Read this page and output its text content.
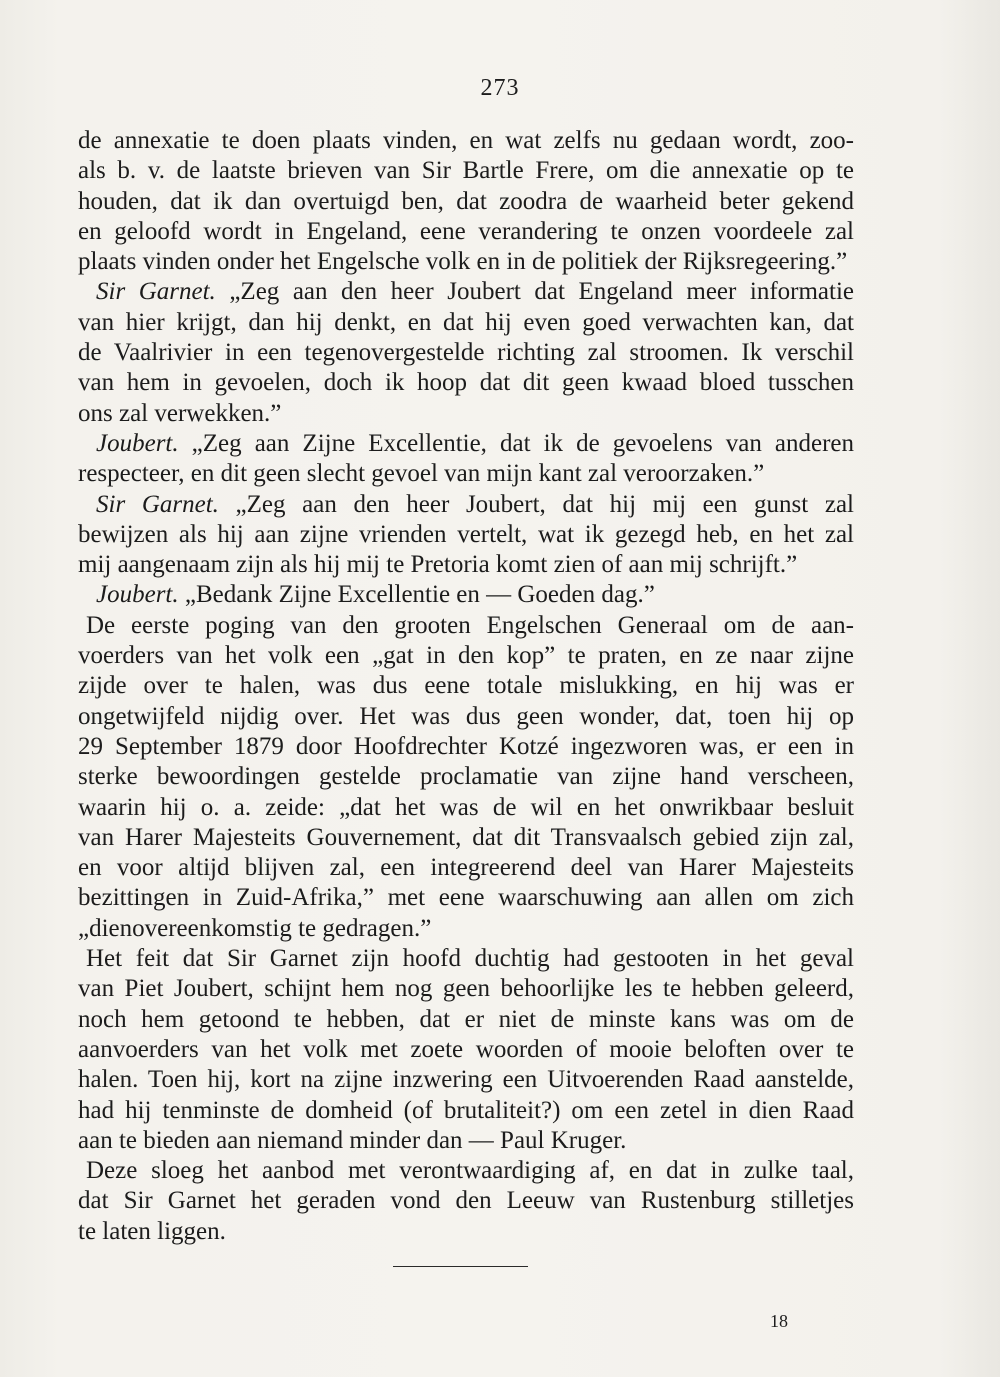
273
de annexatie te doen plaats vinden, en wat zelfs nu gedaan wordt, zoo-
als b. v. de laatste brieven van Sir Bartle Frere, om die annexatie op te
houden, dat ik dan overtuigd ben, dat zoodra de waarheid beter gekend
en geloofd wordt in Engeland, eene verandering te onzen voordeele zal
plaats vinden onder het Engelsche volk en in de politiek der Rijksregeering.”
Sir Garnet. „Zeg aan den heer Joubert dat Engeland meer informatie
van hier krijgt, dan hij denkt, en dat hij even goed verwachten kan, dat
de Vaalrivier in een tegenovergestelde richting zal stroomen. Ik verschil
van hem in gevoelen, doch ik hoop dat dit geen kwaad bloed tusschen
ons zal verwekken.”
Joubert. „Zeg aan Zijne Excellentie, dat ik de gevoelens van anderen
respecteer, en dit geen slecht gevoel van mijn kant zal veroorzaken.”
Sir Garnet. „Zeg aan den heer Joubert, dat hij mij een gunst zal
bewijzen als hij aan zijne vrienden vertelt, wat ik gezegd heb, en het zal
mij aangenaam zijn als hij mij te Pretoria komt zien of aan mij schrijft.”
Joubert. „Bedank Zijne Excellentie en — Goeden dag.”
De eerste poging van den grooten Engelschen Generaal om de aan-
voerders van het volk een „gat in den kop” te praten, en ze naar zijne
zijde over te halen, was dus eene totale mislukking, en hij was er
ongetwijfeld nijdig over. Het was dus geen wonder, dat, toen hij op
29 September 1879 door Hoofdrechter Kotzé ingezworen was, er een in
sterke bewoordingen gestelde proclamatie van zijne hand verscheen,
waarin hij o. a. zeide: „dat het was de wil en het onwrikbaar besluit
van Harer Majesteits Gouvernement, dat dit Transvaalsch gebied zijn zal,
en voor altijd blijven zal, een integreerend deel van Harer Majesteits
bezittingen in Zuid-Afrika,” met eene waarschuwing aan allen om zich
„dienovereenkomstig te gedragen.”
Het feit dat Sir Garnet zijn hoofd duchtig had gestooten in het geval
van Piet Joubert, schijnt hem nog geen behoorlijke les te hebben geleerd,
noch hem getoond te hebben, dat er niet de minste kans was om de
aanvoerders van het volk met zoete woorden of mooie beloften over te
halen. Toen hij, kort na zijne inzwering een Uitvoerenden Raad aanstelde,
had hij tenminste de domheid (of brutaliteit?) om een zetel in dien Raad
aan te bieden aan niemand minder dan — Paul Kruger.
Deze sloeg het aanbod met verontwaardiging af, en dat in zulke taal,
dat Sir Garnet het geraden vond den Leeuw van Rustenburg stilletjes
te laten liggen.
18
